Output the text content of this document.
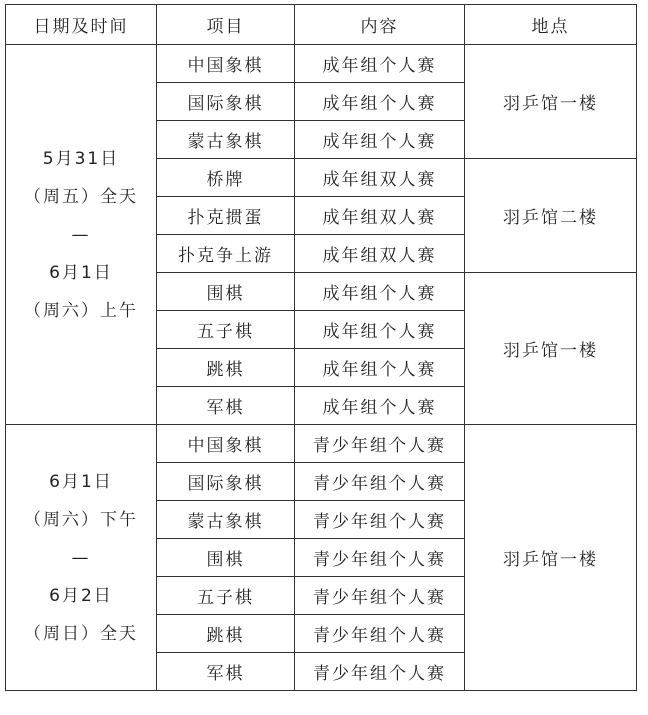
日期及时间	项目	内容	地点

5月31日
（周五）全天
—
6月1日
（周六）上午	中国象棋	成年组个人赛	羽乒馆一楼
	国际象棋	成年组个人赛	
	蒙古象棋	成年组个人赛	
	桥牌	成年组双人赛	羽乒馆二楼
	扑克掼蛋	成年组双人赛	
	扑克争上游	成年组双人赛	
	围棋	成年组个人赛	羽乒馆一楼
	五子棋	成年组个人赛	
	跳棋	成年组个人赛	
	军棋	成年组个人赛	

6月1日
（周六）下午
—
6月2日
（周日）全天	中国象棋	青少年组个人赛	羽乒馆一楼
	国际象棋	青少年组个人赛	
	蒙古象棋	青少年组个人赛	
	围棋	青少年组个人赛	
	五子棋	青少年组个人赛	
	跳棋	青少年组个人赛	
	军棋	青少年组个人赛	
